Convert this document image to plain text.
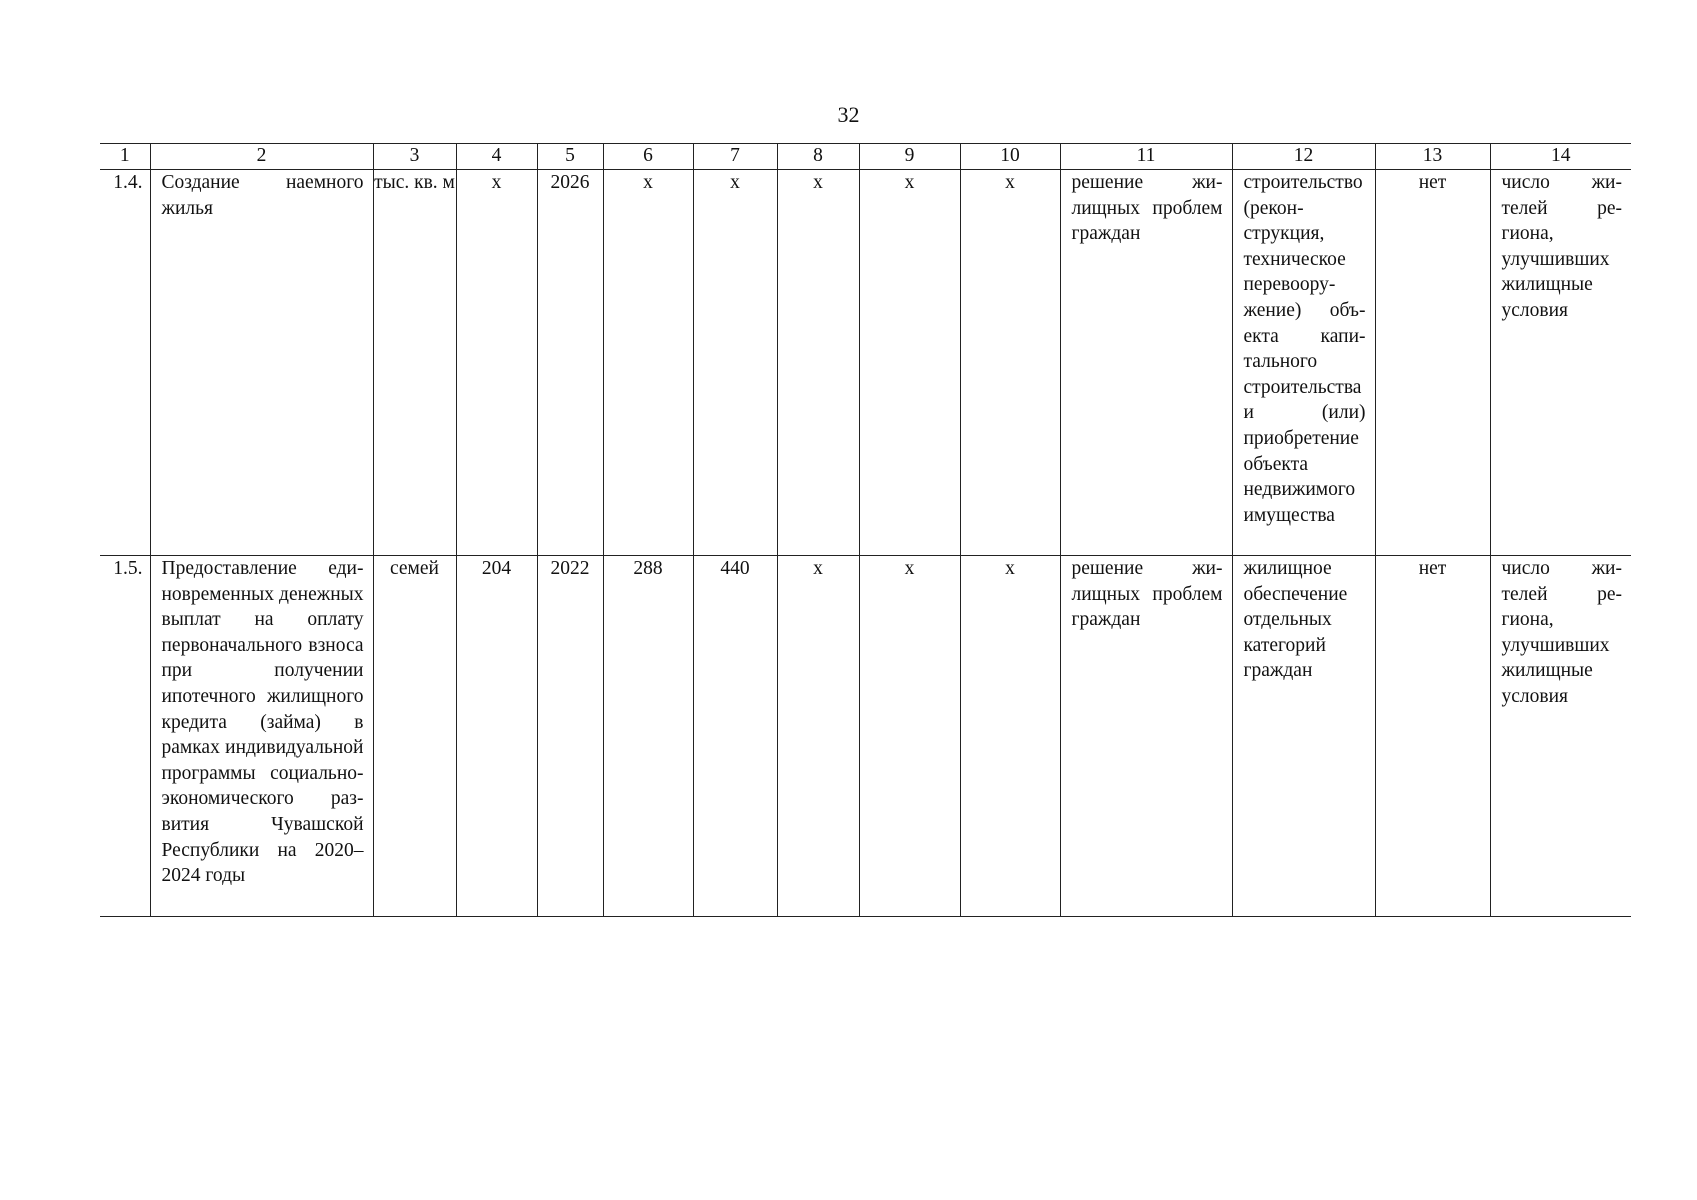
32
1	2	3	4	5	6	7	8	9	10	11	12	13	14
1.4.	Создание наемного жилья	тыс. кв. м	х	2026	х	х	х	х	х	решение жилищных проблем граждан	строительство (реконструкция, техническое перевооружение) объекта капитального строительства и (или) приобретение объекта недвижимого имущества	нет	число жителей региона, улучшивших жилищные условия
1.5.	Предоставление единовременных денежных выплат на оплату первоначального взноса при получении ипотечного жилищного кредита (займа) в рамках индивидуальной программы социально-экономического развития Чувашской Республики на 2020–2024 годы	семей	204	2022	288	440	х	х	х	решение жилищных проблем граждан	жилищное обеспечение отдельных категорий граждан	нет	число жителей региона, улучшивших жилищные условия
